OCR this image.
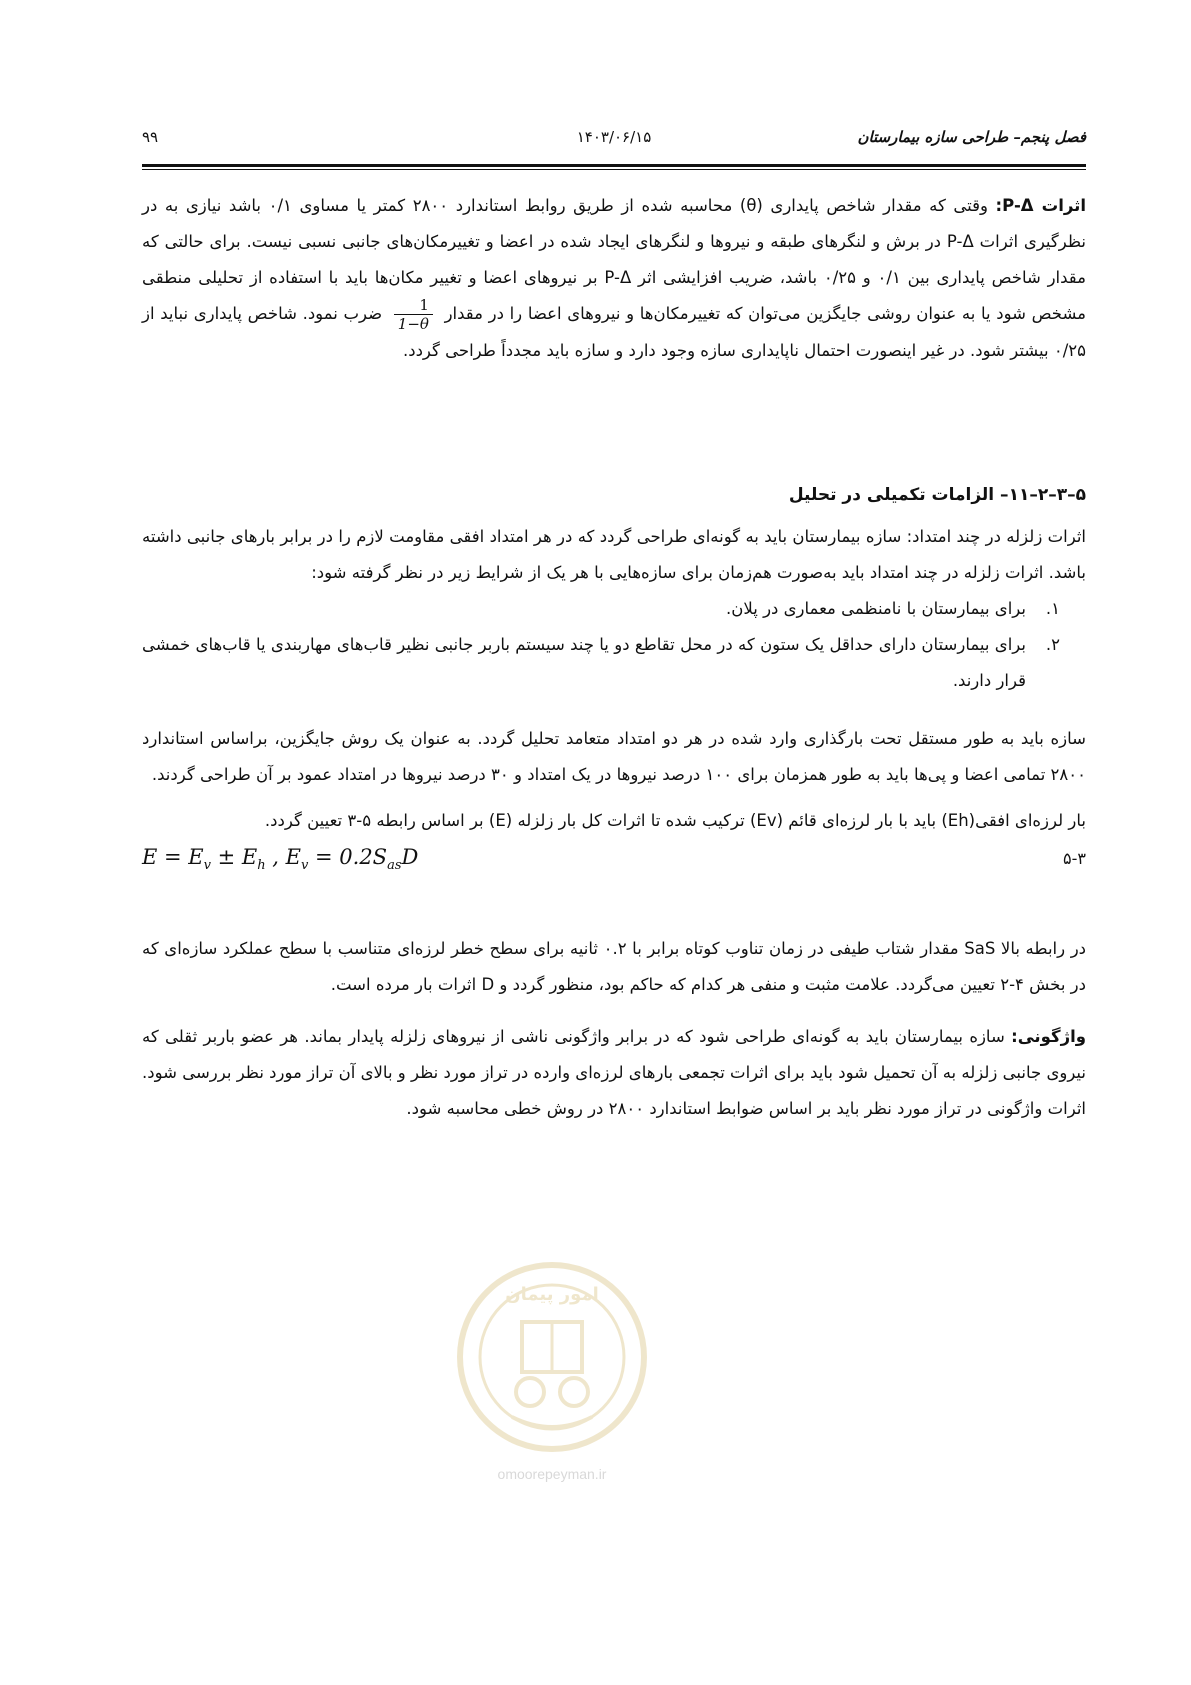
فصل پنجم– طراحی سازه بیمارستان
۱۴۰۳/۰۶/۱۵
۹۹

اثرات P-Δ: وقتی که مقدار شاخص پایداری (θ) محاسبه شده از طریق روابط استاندارد ۲۸۰۰ کمتر یا مساوی ۰/۱ باشد نیازی به در نظرگیری اثرات P-Δ در برش و لنگرهای طبقه و نیروها و لنگرهای ایجاد شده در اعضا و تغییرمکان‌های جانبی نسبی نیست. برای حالتی که مقدار شاخص پایداری بین ۰/۱ و ۰/۲۵ باشد، ضریب افزایشی اثر P-Δ بر نیروهای اعضا و تغییر مکان‌ها باید با استفاده از تحلیلی منطقی مشخص شود یا به عنوان روشی جایگزین می‌توان که تغییرمکان‌ها و نیروهای اعضا را در مقدار
$\frac{1}{1-\theta}$
ضرب نمود. شاخص پایداری نباید از ۰/۲۵ بیشتر شود. در غیر اینصورت احتمال ناپایداری سازه وجود دارد و سازه باید مجدداً طراحی گردد.

۵–۳–۲–۱۱– الزامات تکمیلی در تحلیل

اثرات زلزله در چند امتداد: سازه بیمارستان باید به گونه‌ای طراحی گردد که در هر امتداد افقی مقاومت لازم را در برابر بارهای جانبی داشته باشد. اثرات زلزله در چند امتداد باید به‌صورت هم‌زمان برای سازه‌هایی با هر یک از شرایط زیر در نظر گرفته شود:

۱.
برای بیمارستان با نامنظمی معماری در پلان.
۲.
برای بیمارستان دارای حداقل یک ستون که در محل تقاطع دو یا چند سیستم باربر جانبی نظیر قاب‌های مهاربندی یا قاب‌های خمشی قرار دارند.

سازه باید به طور مستقل تحت بارگذاری وارد شده در هر دو امتداد متعامد تحلیل گردد. به عنوان یک روش جایگزین، براساس استاندارد ۲۸۰۰ تمامی اعضا و پی‌ها باید به طور همزمان برای ۱۰۰ درصد نیروها در یک امتداد و ۳۰ درصد نیروها در امتداد عمود بر آن طراحی گردند.

بار لرزه‌ای افقی(Eh) باید با بار لرزه‌ای قائم (Ev) ترکیب شده تا اثرات کل بار زلزله (E) بر اساس رابطه ۵-۳ تعیین گردد.

$E = E_v \pm E_h$ , $E_v = 0.2S_{as}D$	۵-۳

در رابطه بالا SaS مقدار شتاب طیفی در زمان تناوب کوتاه برابر با ۰.۲ ثانیه برای سطح خطر لرزه‌ای متناسب با سطح عملکرد سازه‌ای که در بخش ۴-۲ تعیین می‌گردد. علامت مثبت و منفی هر کدام که حاکم بود، منظور گردد و D اثرات بار مرده است.

واژگونی: سازه بیمارستان باید به گونه‌ای طراحی شود که در برابر واژگونی ناشی از نیروهای زلزله پایدار بماند. هر عضو باربر ثقلی که نیروی جانبی زلزله به آن تحمیل شود باید برای اثرات تجمعی بارهای لرزه‌ای وارده در تراز مورد نظر و بالای آن تراز مورد نظر بررسی شود. اثرات واژگونی در تراز مورد نظر باید بر اساس ضوابط استاندارد ۲۸۰۰ در روش خطی محاسبه شود.

امور پیمان
omoorepeyman.ir
